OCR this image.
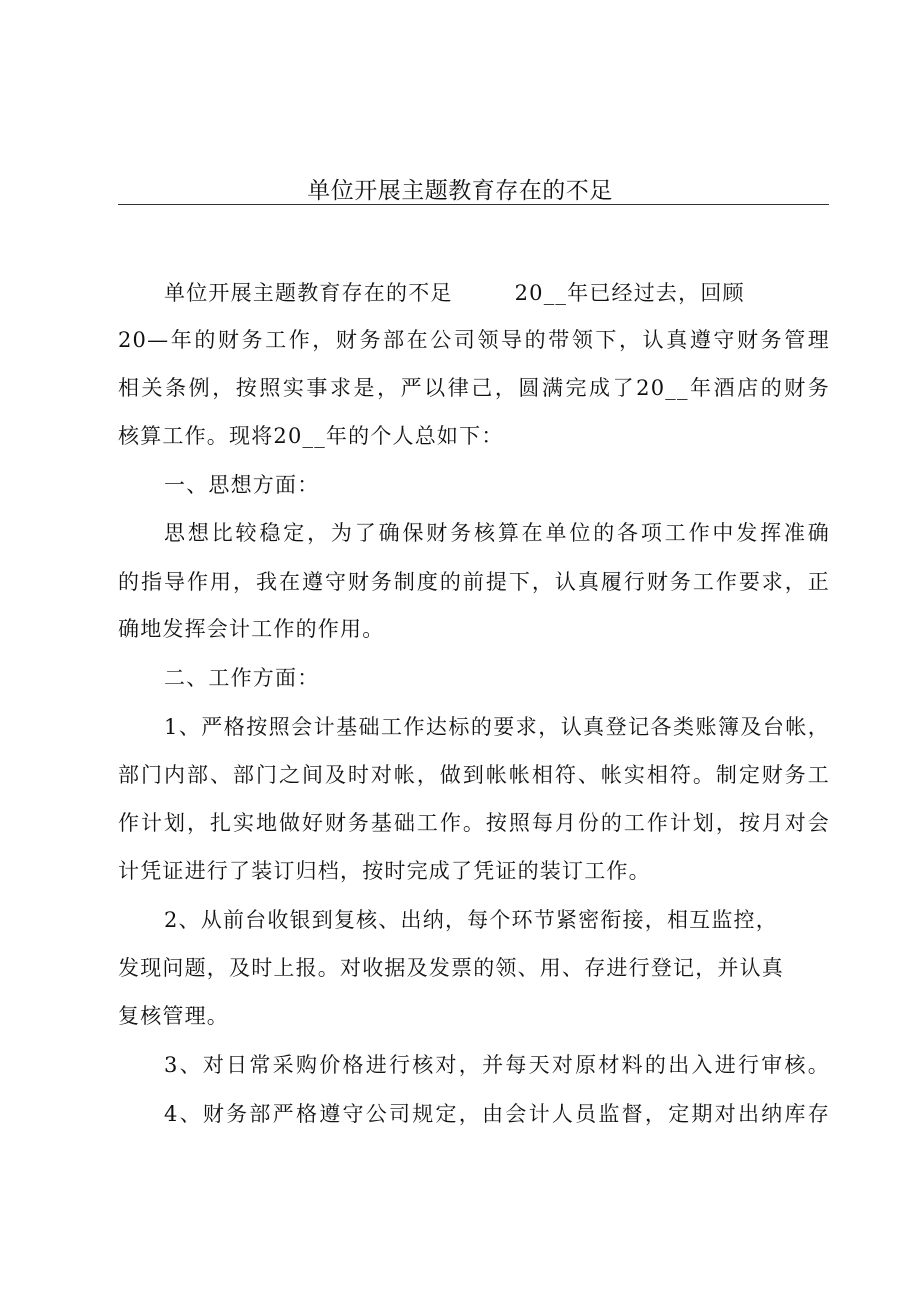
单位开展主题教育存在的不足
单位开展主题教育存在的不足	20__年已经过去，回顾
20—年的财务工作，财务部在公司领导的带领下，认真遵守财务管理
相关条例，按照实事求是，严以律己，圆满完成了20__年酒店的财务
核算工作。现将20__年的个人总如下：
一、思想方面：
思想比较稳定，为了确保财务核算在单位的各项工作中发挥准确
的指导作用，我在遵守财务制度的前提下，认真履行财务工作要求，正
确地发挥会计工作的作用。
二、工作方面：
1、严格按照会计基础工作达标的要求，认真登记各类账簿及台帐，
部门内部、部门之间及时对帐，做到帐帐相符、帐实相符。制定财务工
作计划，扎实地做好财务基础工作。按照每月份的工作计划，按月对会
计凭证进行了装订归档，按时完成了凭证的装订工作。
2、从前台收银到复核、出纳，每个环节紧密衔接，相互监控，
发现问题，及时上报。对收据及发票的领、用、存进行登记，并认真
复核管理。
3、对日常采购价格进行核对，并每天对原材料的出入进行审核。
4、财务部严格遵守公司规定，由会计人员监督，定期对出纳库存
